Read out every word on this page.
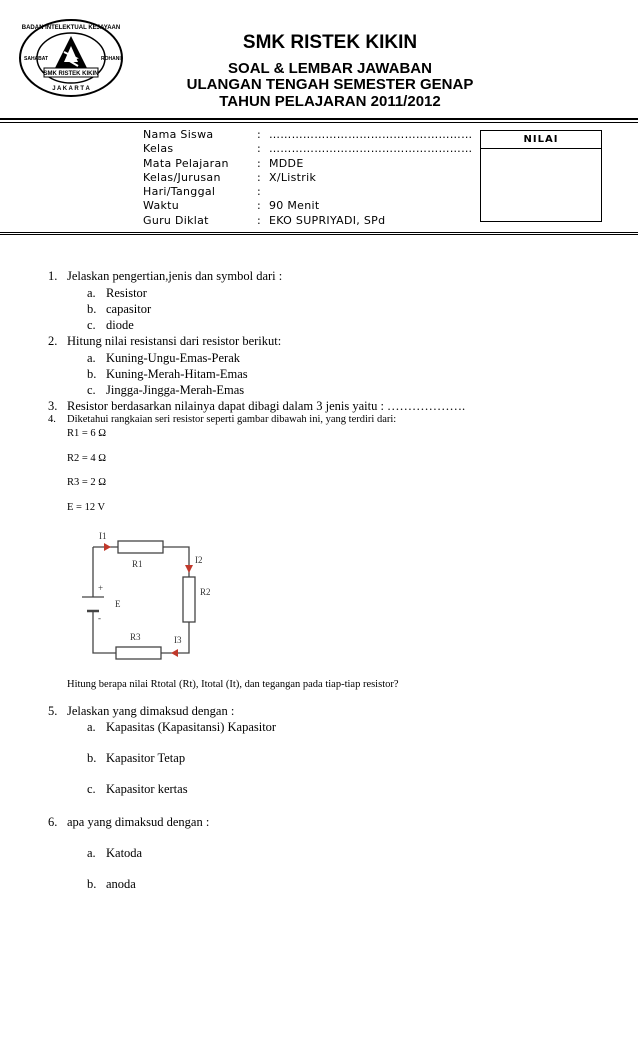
SMK RISTEK KIKIN
BADAN INTELEKTUAL KEJAYAAN
SAHABAT	ROHANI
J A K A R T A
SMK RISTEK KIKIN
SOAL & LEMBAR JAWABAN
ULANGAN TENGAH SEMESTER GENAP
TAHUN PELAJARAN 2011/2012
Nama Siswa	: ………………………………………………
Kelas	: ………………………………………………
Mata Pelajaran	: MDDE
Kelas/Jurusan	: X/Listrik
Hari/Tanggal	:
Waktu	: 90 Menit
Guru Diklat	: EKO SUPRIYADI, SPd
NILAI
1. Jelaskan pengertian,jenis dan symbol dari :
a. Resistor
b. capasitor
c. diode
2. Hitung nilai resistansi dari resistor berikut:
a. Kuning-Ungu-Emas-Perak
b. Kuning-Merah-Hitam-Emas
c. Jingga-Jingga-Merah-Emas
3. Resistor berdasarkan nilainya dapat dibagi dalam 3 jenis yaitu : ……………….
4. Diketahui rangkaian seri resistor seperti gambar dibawah ini, yang terdiri dari:
R1 = 6 Ω
R2 = 4 Ω
R3 = 2 Ω
E = 12 V
I1
I2
I3
R1
R2
R3
E
+
-
Hitung berapa nilai Rtotal (Rt), Itotal (It), dan tegangan pada tiap-tiap resistor?
5. Jelaskan yang dimaksud dengan :
a. Kapasitas (Kapasitansi) Kapasitor
b. Kapasitor Tetap
c. Kapasitor kertas
6. apa yang dimaksud dengan :
a. Katoda
b. anoda
